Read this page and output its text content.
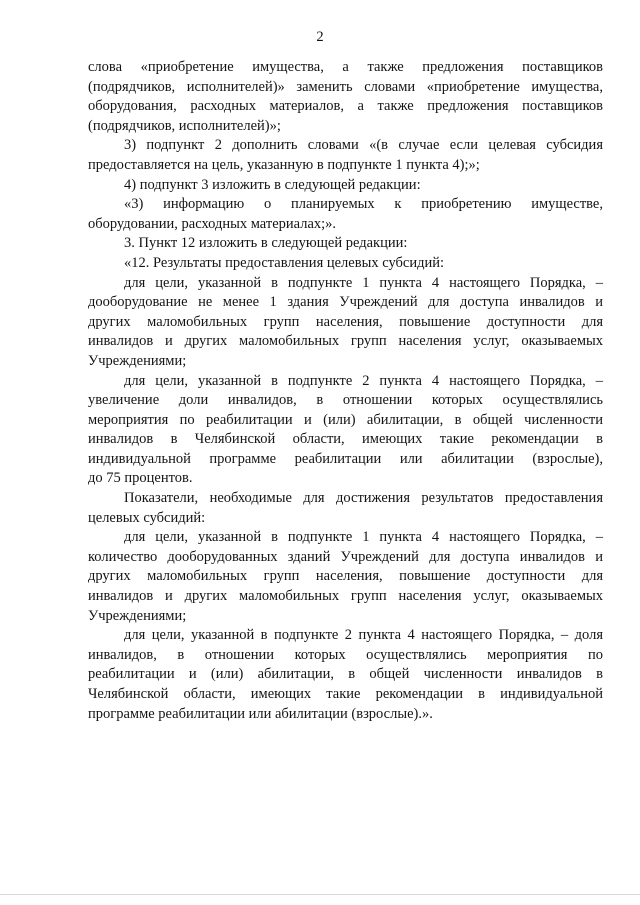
2
слова «приобретение имущества, а также предложения поставщиков
(подрядчиков, исполнителей)» заменить словами «приобретение имущества,
оборудования, расходных материалов, а также предложения поставщиков
(подрядчиков, исполнителей)»;
3) подпункт 2 дополнить словами «(в случае если целевая субсидия
предоставляется на цель, указанную в подпункте 1 пункта 4);»;
4) подпункт 3 изложить в следующей редакции:
«3) информацию о планируемых к приобретению имуществе,
оборудовании, расходных материалах;».
3. Пункт 12 изложить в следующей редакции:
«12. Результаты предоставления целевых субсидий:
для цели, указанной в подпункте 1 пункта 4 настоящего Порядка, –
дооборудование не менее 1 здания Учреждений для доступа инвалидов и
других маломобильных групп населения, повышение доступности для
инвалидов и других маломобильных групп населения услуг, оказываемых
Учреждениями;
для цели, указанной в подпункте 2 пункта 4 настоящего Порядка, –
увеличение доли инвалидов, в отношении которых осуществлялись
мероприятия по реабилитации и (или) абилитации, в общей численности
инвалидов в Челябинской области, имеющих такие рекомендации в
индивидуальной программе реабилитации или абилитации (взрослые),
до 75 процентов.
Показатели, необходимые для достижения результатов предоставления
целевых субсидий:
для цели, указанной в подпункте 1 пункта 4 настоящего Порядка, –
количество дооборудованных зданий Учреждений для доступа инвалидов и
других маломобильных групп населения, повышение доступности для
инвалидов и других маломобильных групп населения услуг, оказываемых
Учреждениями;
для цели, указанной в подпункте 2 пункта 4 настоящего Порядка, – доля
инвалидов, в отношении которых осуществлялись мероприятия по
реабилитации и (или) абилитации, в общей численности инвалидов в
Челябинской области, имеющих такие рекомендации в индивидуальной
программе реабилитации или абилитации (взрослые).».
